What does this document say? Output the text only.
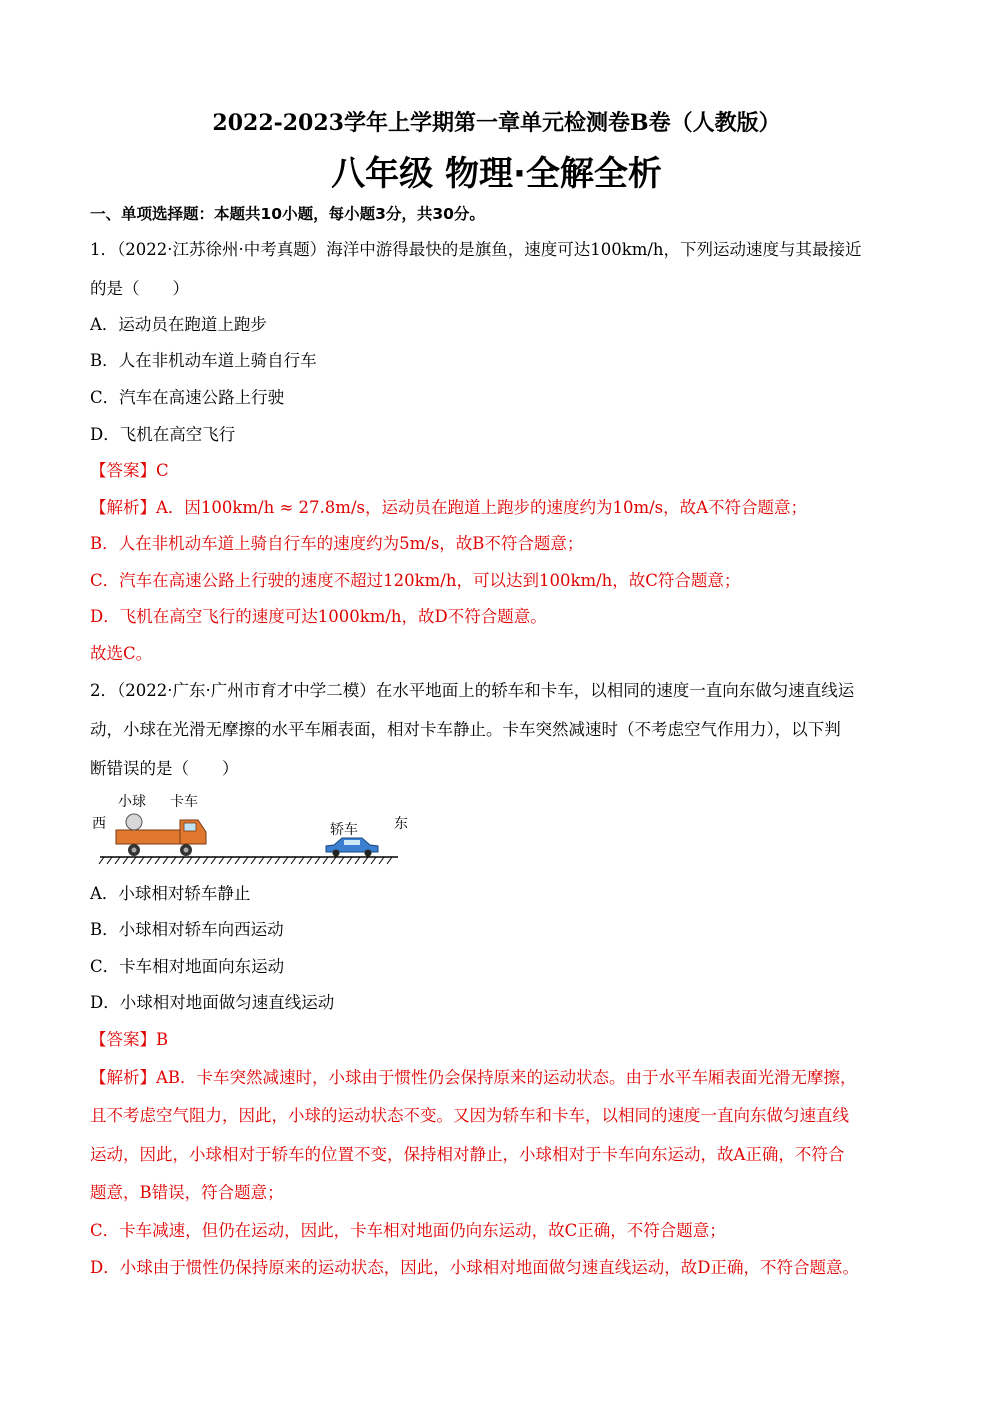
2022-2023学年上学期第一章单元检测卷B卷（人教版）
八年级 物理·全解全析
一、单项选择题：本题共10小题，每小题3分，共30分。
1．（2022·江苏徐州·中考真题）海洋中游得最快的是旗鱼，速度可达100km/h，下列运动速度与其最接近
的是（　　）
A．运动员在跑道上跑步
B．人在非机动车道上骑自行车
C．汽车在高速公路上行驶
D．飞机在高空飞行
【答案】C
【解析】A．因100km/h ≈ 27.8m/s，运动员在跑道上跑步的速度约为10m/s，故A不符合题意；
B．人在非机动车道上骑自行车的速度约为5m/s，故B不符合题意；
C．汽车在高速公路上行驶的速度不超过120km/h，可以达到100km/h，故C符合题意；
D．飞机在高空飞行的速度可达1000km/h，故D不符合题意。
故选C。
2．（2022·广东·广州市育才中学二模）在水平地面上的轿车和卡车，以相同的速度一直向东做匀速直线运
动，小球在光滑无摩擦的水平车厢表面，相对卡车静止。卡车突然减速时（不考虑空气作用力），以下判
断错误的是（　　）
西
小球 卡车
轿车	东
A．小球相对轿车静止
B．小球相对轿车向西运动
C．卡车相对地面向东运动
D．小球相对地面做匀速直线运动
【答案】B
【解析】AB．卡车突然减速时，小球由于惯性仍会保持原来的运动状态。由于水平车厢表面光滑无摩擦，
且不考虑空气阻力，因此，小球的运动状态不变。又因为轿车和卡车，以相同的速度一直向东做匀速直线
运动，因此，小球相对于轿车的位置不变，保持相对静止，小球相对于卡车向东运动，故A正确，不符合
题意，B错误，符合题意；
C．卡车减速，但仍在运动，因此，卡车相对地面仍向东运动，故C正确，不符合题意；
D．小球由于惯性仍保持原来的运动状态，因此，小球相对地面做匀速直线运动，故D正确，不符合题意。
